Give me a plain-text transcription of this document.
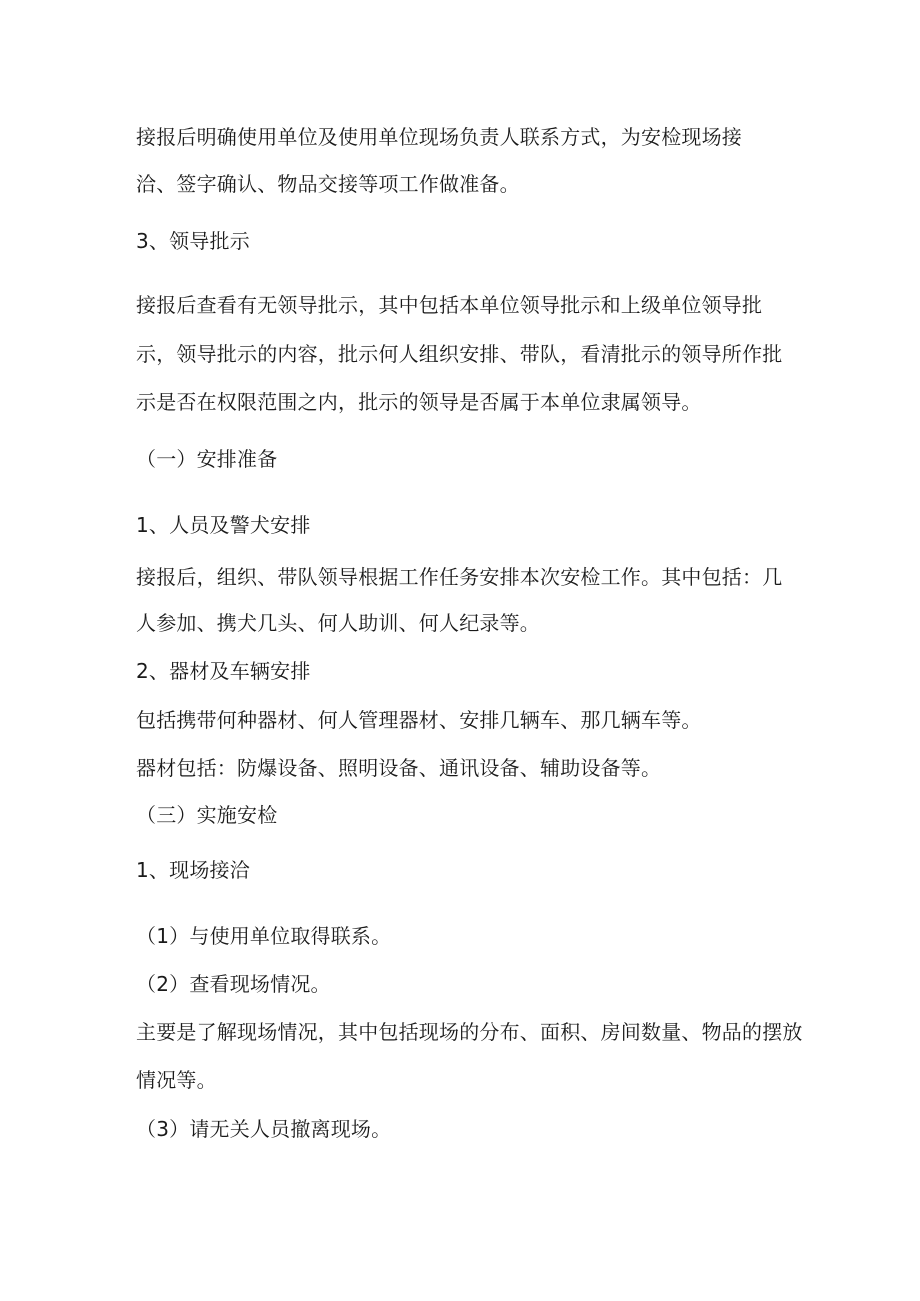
接报后明确使用单位及使用单位现场负责人联系方式，为安检现场接
洽、签字确认、物品交接等项工作做准备。
3、领导批示
接报后查看有无领导批示，其中包括本单位领导批示和上级单位领导批
示，领导批示的内容，批示何人组织安排、带队，看清批示的领导所作批
示是否在权限范围之内，批示的领导是否属于本单位隶属领导。
（一）安排准备
1、人员及警犬安排
接报后，组织、带队领导根据工作任务安排本次安检工作。其中包括：几
人参加、携犬几头、何人助训、何人纪录等。
2、器材及车辆安排
包括携带何种器材、何人管理器材、安排几辆车、那几辆车等。
器材包括：防爆设备、照明设备、通讯设备、辅助设备等。
（三）实施安检
1、现场接洽
（1）与使用单位取得联系。
（2）查看现场情况。
主要是了解现场情况，其中包括现场的分布、面积、房间数量、物品的摆放
情况等。
（3）请无关人员撤离现场。
